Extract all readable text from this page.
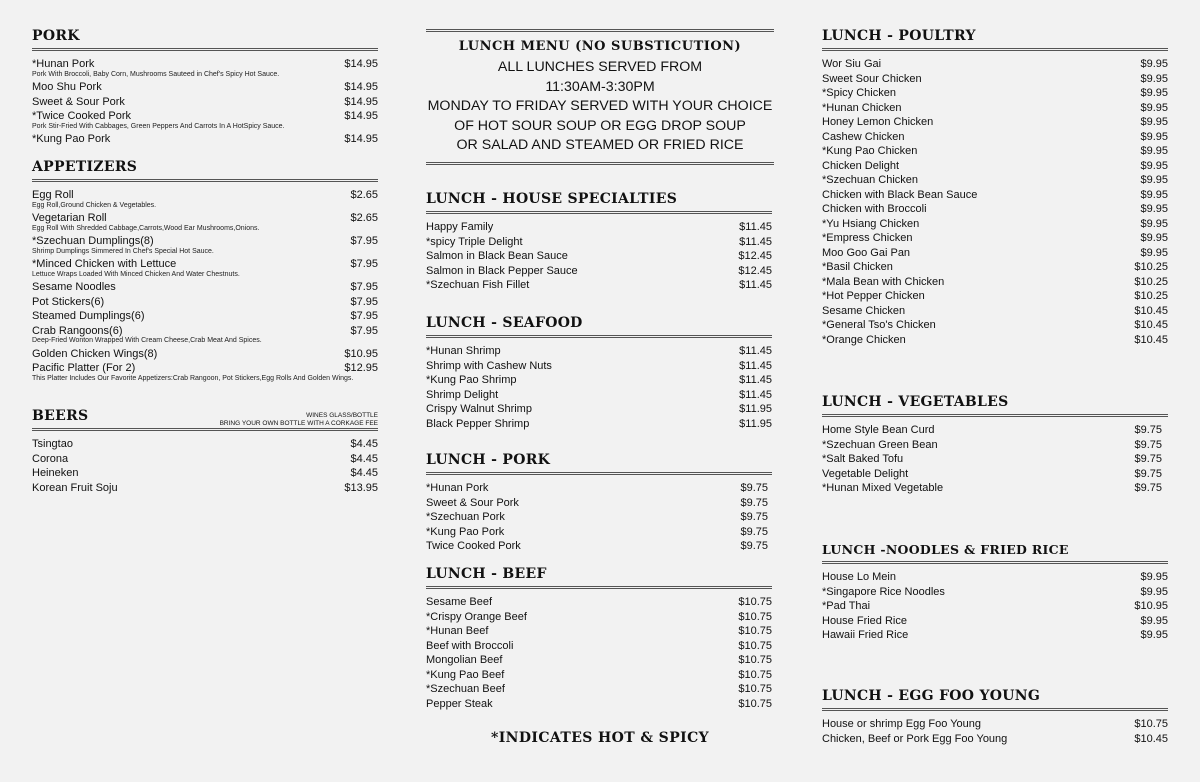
PORK
*Hunan Pork	$14.95
Pork With Broccoli, Baby Corn, Mushrooms Sauteed in Chef's Spicy Hot Sauce.
Moo Shu Pork	$14.95
Sweet & Sour Pork	$14.95
*Twice Cooked Pork	$14.95
Pork Stir-Fried With Cabbages, Green Peppers And Carrots In A HotSpicy Sauce.
*Kung Pao Pork	$14.95
APPETIZERS
Egg Roll	$2.65
Egg Roll,Ground Chicken & Vegetables.
Vegetarian Roll	$2.65
Egg Roll With Shredded Cabbage,Carrots,Wood Ear Mushrooms,Onions.
*Szechuan Dumplings(8)	$7.95
Shrimp Dumplings Simmered In Chef's Special Hot Sauce.
*Minced Chicken with Lettuce	$7.95
Lettuce Wraps Loaded With Minced Chicken And Water Chestnuts.
Sesame Noodles	$7.95
Pot Stickers(6)	$7.95
Steamed Dumplings(6)	$7.95
Crab Rangoons(6)	$7.95
Deep-Fried Wonton Wrapped With Cream Cheese,Crab Meat And Spices.
Golden Chicken Wings(8)	$10.95
Pacific Platter (For 2)	$12.95
This Platter Includes Our Favorite Appetizers:Crab Rangoon, Pot Stickers,Egg Rolls And Golden Wings.
BEERS	WINES GLASS/BOTTLE
BRING YOUR OWN BOTTLE WITH A CORKAGE FEE
Tsingtao	$4.45
Corona	$4.45
Heineken	$4.45
Korean Fruit Soju	$13.95
LUNCH MENU (NO SUBSTICUTION)
ALL LUNCHES SERVED FROM
11:30AM-3:30PM
MONDAY TO FRIDAY SERVED WITH YOUR CHOICE
OF HOT SOUR SOUP OR EGG DROP SOUP
OR SALAD AND STEAMED OR FRIED RICE
LUNCH - HOUSE SPECIALTIES
Happy Family	$11.45
*spicy Triple Delight	$11.45
Salmon in Black Bean Sauce	$12.45
Salmon in Black Pepper Sauce	$12.45
*Szechuan Fish Fillet	$11.45
LUNCH - SEAFOOD
*Hunan Shrimp	$11.45
Shrimp with Cashew Nuts	$11.45
*Kung Pao Shrimp	$11.45
Shrimp Delight	$11.45
Crispy Walnut Shrimp	$11.95
Black Pepper Shrimp	$11.95
LUNCH - PORK
*Hunan Pork	$9.75
Sweet & Sour Pork	$9.75
*Szechuan Pork	$9.75
*Kung Pao Pork	$9.75
Twice Cooked Pork	$9.75
LUNCH - BEEF
Sesame Beef	$10.75
*Crispy Orange Beef	$10.75
*Hunan Beef	$10.75
Beef with Broccoli	$10.75
Mongolian Beef	$10.75
*Kung Pao Beef	$10.75
*Szechuan Beef	$10.75
Pepper Steak	$10.75
*INDICATES HOT & SPICY
LUNCH - POULTRY
Wor Siu Gai	$9.95
Sweet Sour Chicken	$9.95
*Spicy Chicken	$9.95
*Hunan Chicken	$9.95
Honey Lemon Chicken	$9.95
Cashew Chicken	$9.95
*Kung Pao Chicken	$9.95
Chicken Delight	$9.95
*Szechuan Chicken	$9.95
Chicken with Black Bean Sauce	$9.95
Chicken with Broccoli	$9.95
*Yu Hsiang Chicken	$9.95
*Empress Chicken	$9.95
Moo Goo Gai Pan	$9.95
*Basil Chicken	$10.25
*Mala Bean with Chicken	$10.25
*Hot Pepper Chicken	$10.25
Sesame Chicken	$10.45
*General Tso's Chicken	$10.45
*Orange Chicken	$10.45
LUNCH - VEGETABLES
Home Style Bean Curd	$9.75
*Szechuan Green Bean	$9.75
*Salt Baked Tofu	$9.75
Vegetable Delight	$9.75
*Hunan Mixed Vegetable	$9.75
LUNCH -NOODLES & FRIED RICE
House Lo Mein	$9.95
*Singapore Rice Noodles	$9.95
*Pad Thai	$10.95
House Fried Rice	$9.95
Hawaii Fried Rice	$9.95
LUNCH - EGG FOO YOUNG
House or shrimp Egg Foo Young	$10.75
Chicken, Beef or Pork Egg Foo Young	$10.45
